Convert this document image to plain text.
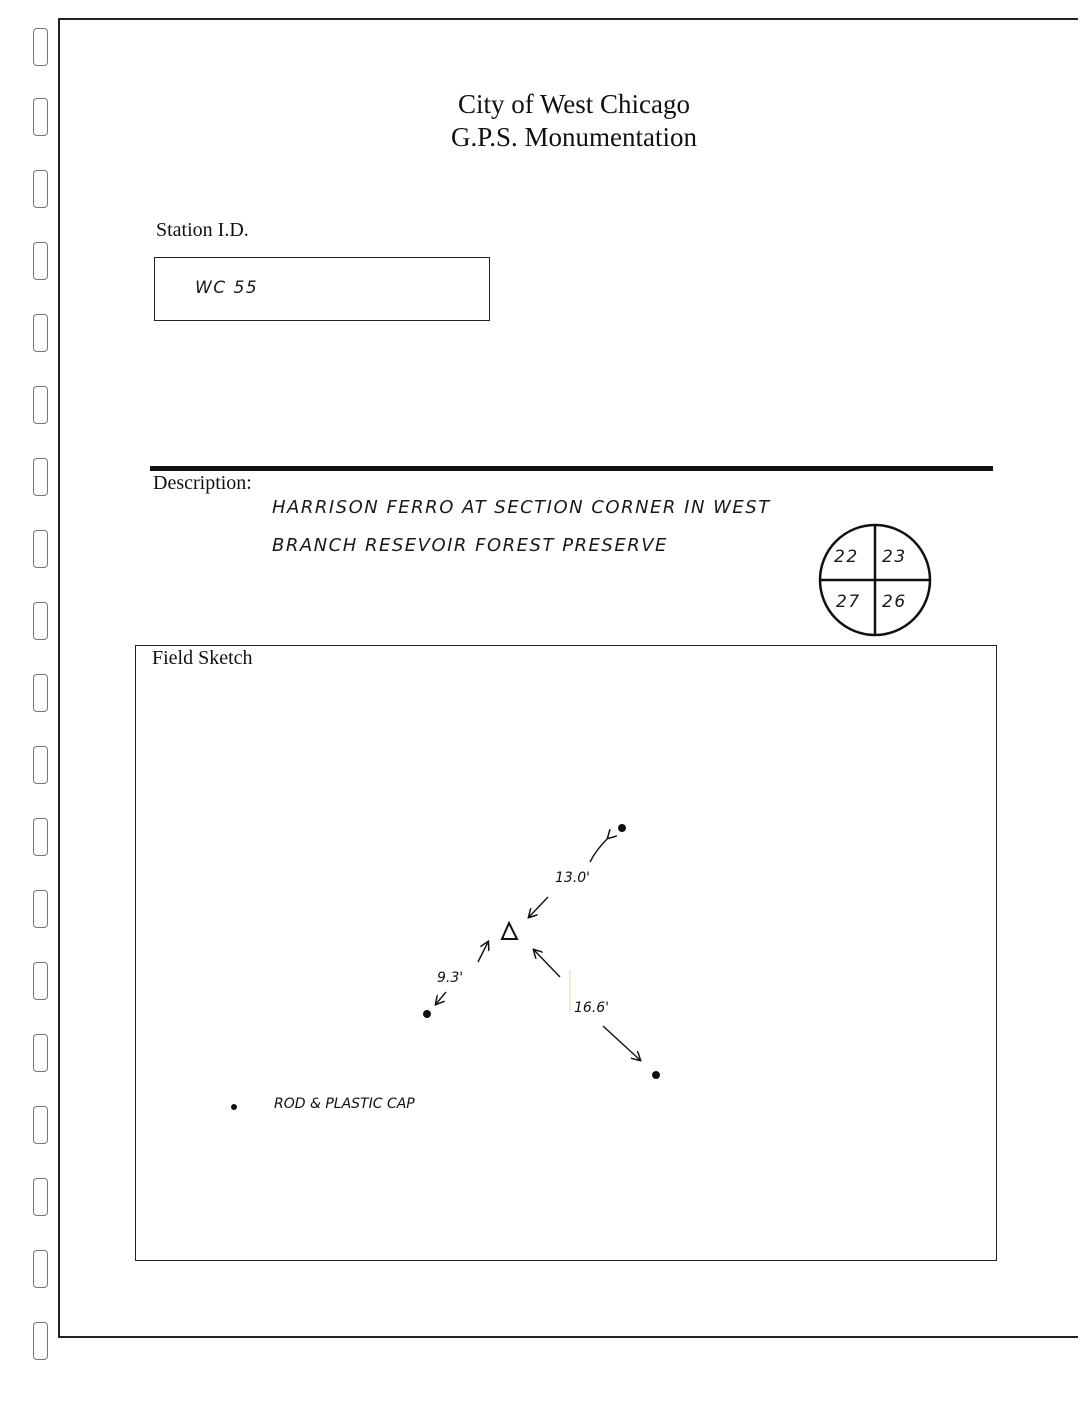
City of West Chicago
G.P.S. Monumentation
Station I.D.
WC 55
Description:
HARRISON FERRO AT SECTION CORNER IN WEST
BRANCH RESEVOIR FOREST PRESERVE
22 23
27 26
Field Sketch
13.0'
9.3'
16.6'
ROD & PLASTIC CAP
